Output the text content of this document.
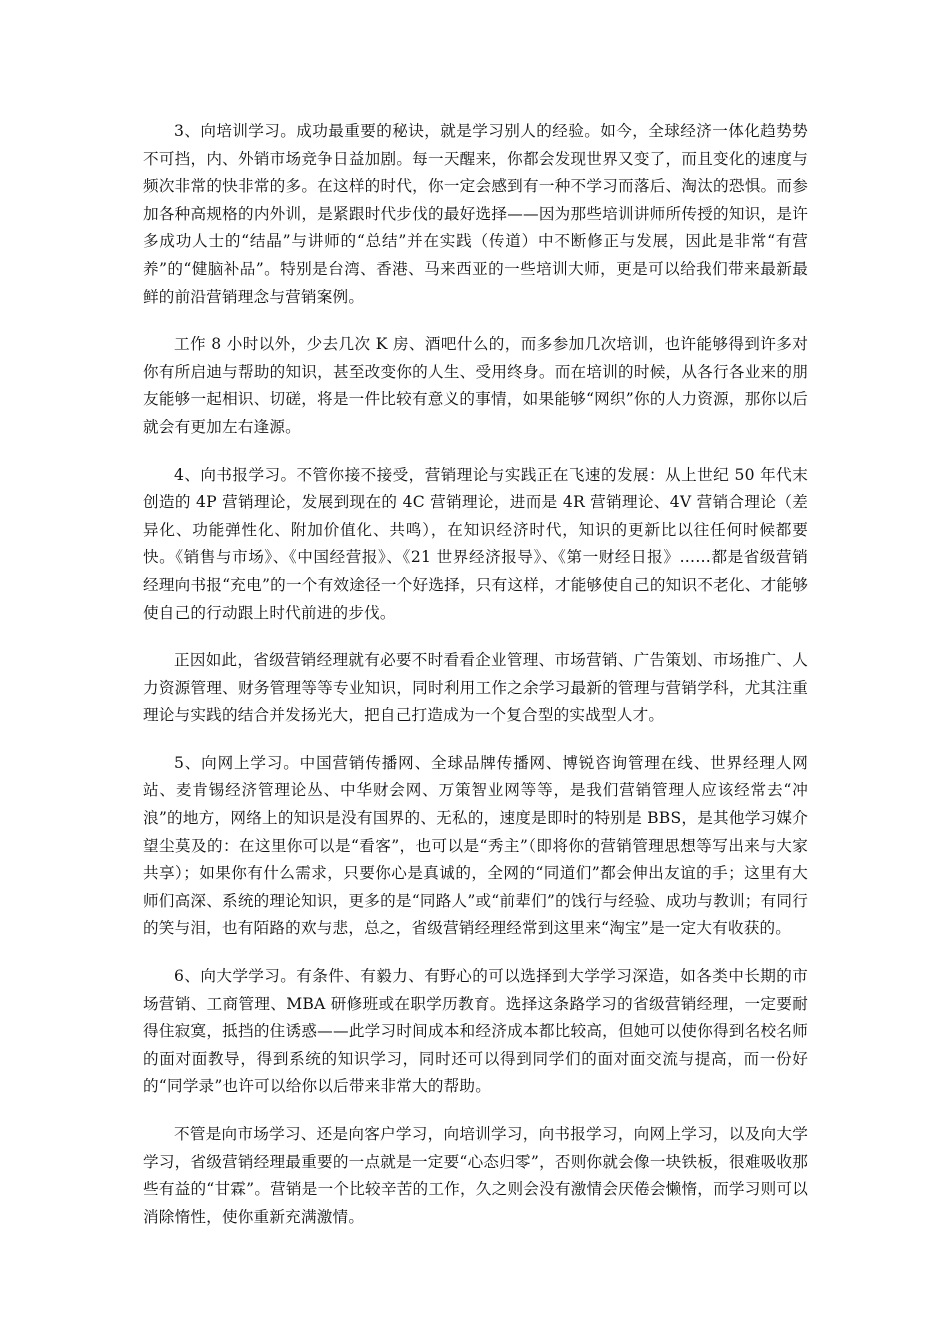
3、向培训学习。成功最重要的秘诀，就是学习别人的经验。如今，全球经济一体化趋势势不可挡，内、外销市场竞争日益加剧。每一天醒来，你都会发现世界又变了，而且变化的速度与频次非常的快非常的多。在这样的时代，你一定会感到有一种不学习而落后、淘汰的恐惧。而参加各种高规格的内外训，是紧跟时代步伐的最好选择——因为那些培训讲师所传授的知识，是许多成功人士的“结晶”与讲师的“总结”并在实践（传道）中不断修正与发展，因此是非常“有营养”的“健脑补品”。特别是台湾、香港、马来西亚的一些培训大师，更是可以给我们带来最新最鲜的前沿营销理念与营销案例。

工作 8 小时以外，少去几次 K 房、酒吧什么的，而多参加几次培训，也许能够得到许多对你有所启迪与帮助的知识，甚至改变你的人生、受用终身。而在培训的时候，从各行各业来的朋友能够一起相识、切磋，将是一件比较有意义的事情，如果能够“网织”你的人力资源，那你以后就会有更加左右逢源。

4、向书报学习。不管你接不接受，营销理论与实践正在飞速的发展：从上世纪 50 年代末创造的 4P 营销理论，发展到现在的 4C 营销理论，进而是 4R 营销理论、4V 营销合理论（差异化、功能弹性化、附加价值化、共鸣），在知识经济时代，知识的更新比以往任何时候都要快。《销售与市场》、《中国经营报》、《21 世界经济报导》、《第一财经日报》……都是省级营销经理向书报“充电”的一个有效途径一个好选择，只有这样，才能够使自己的知识不老化、才能够使自己的行动跟上时代前进的步伐。

正因如此，省级营销经理就有必要不时看看企业管理、市场营销、广告策划、市场推广、人力资源管理、财务管理等等专业知识，同时利用工作之余学习最新的管理与营销学科，尤其注重理论与实践的结合并发扬光大，把自己打造成为一个复合型的实战型人才。

5、向网上学习。中国营销传播网、全球品牌传播网、博锐咨询管理在线、世界经理人网站、麦肯锡经济管理论丛、中华财会网、万策智业网等等，是我们营销管理人应该经常去“冲浪”的地方，网络上的知识是没有国界的、无私的，速度是即时的特别是 BBS，是其他学习媒介望尘莫及的：在这里你可以是“看客”，也可以是“秀主”（即将你的营销管理思想等写出来与大家共享）；如果你有什么需求，只要你心是真诚的，全网的“同道们”都会伸出友谊的手；这里有大师们高深、系统的理论知识，更多的是“同路人”或“前辈们”的饯行与经验、成功与教训；有同行的笑与泪，也有陌路的欢与悲，总之，省级营销经理经常到这里来“淘宝”是一定大有收获的。

6、向大学学习。有条件、有毅力、有野心的可以选择到大学学习深造，如各类中长期的市场营销、工商管理、MBA 研修班或在职学历教育。选择这条路学习的省级营销经理，一定要耐得住寂寞，抵挡的住诱惑——此学习时间成本和经济成本都比较高，但她可以使你得到名校名师的面对面教导，得到系统的知识学习，同时还可以得到同学们的面对面交流与提高，而一份好的“同学录”也许可以给你以后带来非常大的帮助。

不管是向市场学习、还是向客户学习，向培训学习，向书报学习，向网上学习，以及向大学学习，省级营销经理最重要的一点就是一定要“心态归零”，否则你就会像一块铁板，很难吸收那些有益的“甘霖”。营销是一个比较辛苦的工作，久之则会没有激情会厌倦会懒惰，而学习则可以消除惰性，使你重新充满激情。
